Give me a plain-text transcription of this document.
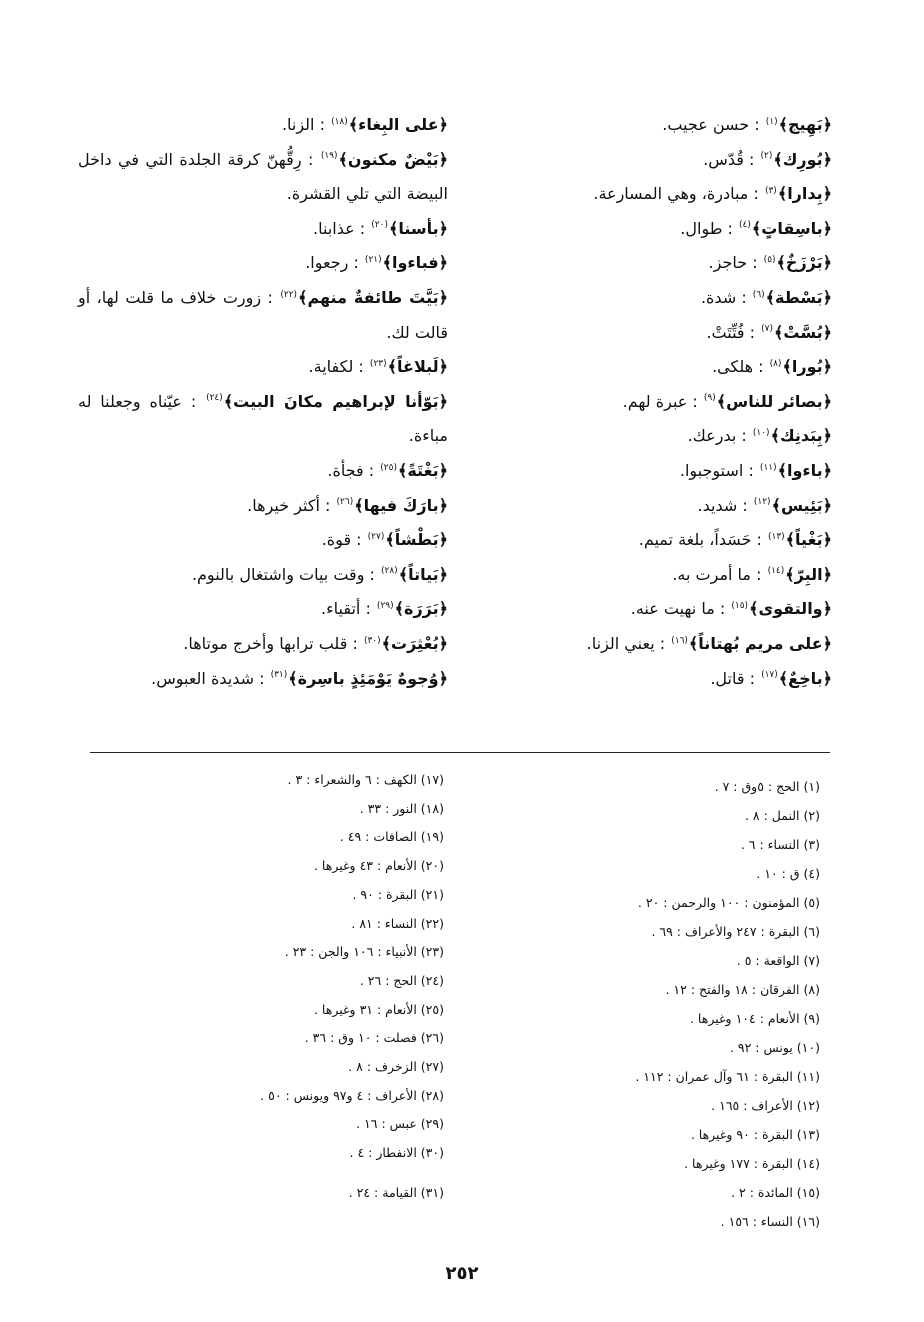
﴿بَهِيج﴾$^{(١)}$ : حسن عجيب.

﴿بُورِك﴾$^{(٢)}$ : قُدّس.

﴿بِدارا﴾$^{(٣)}$ : مبادرة، وهي المسارعة.

﴿باسِقاتٍ﴾$^{(٤)}$ : طوال.

﴿بَرْزَخٌ﴾$^{(٥)}$ : حاجز.

﴿بَسْطة﴾$^{(٦)}$ : شدة.

﴿بُسَّتْ﴾$^{(٧)}$ : فُتِّتَتْ.

﴿بُورا﴾$^{(٨)}$ : هلكى.

﴿بصائر للناس﴾$^{(٩)}$ : عبرة لهم.

﴿بِبَدنِك﴾$^{(١٠)}$ : بدرعك.

﴿باءوا﴾$^{(١١)}$ : استوجبوا.

﴿بَئِيس﴾$^{(١٢)}$ : شديد.

﴿بَغْياً﴾$^{(١٣)}$ : حَسَداً، بلغة تميم.

﴿البِرّ﴾$^{(١٤)}$ : ما أمرت به.

﴿والتقوى﴾$^{(١٥)}$ : ما نهيت عنه.

﴿على مريم بُهتاناً﴾$^{(١٦)}$ : يعني الزنا.

﴿باخِعٌ﴾$^{(١٧)}$ : قاتل.

﴿على البِغاء﴾$^{(١٨)}$ : الزنا.

﴿بَيْضٌ مكنون﴾$^{(١٩)}$ : رِقُّهنّ كرقة الجلدة التي في داخل البيضة التي تلي القشرة.

﴿بأسنا﴾$^{(٢٠)}$ : عذابنا.

﴿فباءوا﴾$^{(٢١)}$ : رجعوا.

﴿بَيَّتَ طائفةٌ منهم﴾$^{(٢٢)}$ : زورت خلاف ما قلت لها، أو قالت لك.

﴿لَبلاغاً﴾$^{(٢٣)}$ : لكفاية.

﴿بَوّأنا لإبراهيم مكانَ البيت﴾$^{(٢٤)}$ : عيّناه وجعلنا له مباءة.

﴿بَغْتَةً﴾$^{(٢٥)}$ : فجأة.

﴿بارَكَ فيها﴾$^{(٢٦)}$ : أكثر خيرها.

﴿بَطْشاً﴾$^{(٢٧)}$ : قوة.

﴿بَياتاً﴾$^{(٢٨)}$ : وقت بيات واشتغال بالنوم.

﴿بَرَرَة﴾$^{(٢٩)}$ : أتقياء.

﴿بُعْثِرَت﴾$^{(٣٠)}$ : قلب ترابها وأخرج موتاها.

﴿وُجوهٌ يَوْمَئِذٍ باسِرة﴾$^{(٣١)}$ : شديدة العبوس.

(١) الحج : ٥وق : ٧ .

(٢) النمل : ٨ .

(٣) النساء : ٦ .

(٤) ق : ١٠ .

(٥) المؤمنون : ١٠٠ والرحمن : ٢٠ .

(٦) البقرة : ٢٤٧ والأعراف : ٦٩ .

(٧) الواقعة : ٥ .

(٨) الفرقان : ١٨ والفتح : ١٢ .

(٩) الأنعام : ١٠٤ وغيرها .

(١٠) يونس : ٩٢ .

(١١) البقرة : ٦١ وآل عمران : ١١٢ .

(١٢) الأعراف : ١٦٥ .

(١٣) البقرة : ٩٠ وغيرها .

(١٤) البقرة : ١٧٧ وغيرها .

(١٥) المائدة : ٢ .

(١٦) النساء : ١٥٦ .

(١٧) الكهف : ٦ والشعراء : ٣ .

(١٨) النور : ٣٣ .

(١٩) الصافات : ٤٩ .

(٢٠) الأنعام : ٤٣ وغيرها .

(٢١) البقرة : ٩٠ .

(٢٢) النساء : ٨١ .

(٢٣) الأنبياء : ١٠٦ والجن : ٢٣ .

(٢٤) الحج : ٢٦ .

(٢٥) الأنعام : ٣١ وغيرها .

(٢٦) فصلت : ١٠ وق : ٣٦ .

(٢٧) الزخرف : ٨ .

(٢٨) الأعراف : ٤ و٩٧ ويونس : ٥٠ .

(٢٩) عبس : ١٦ .

(٣٠) الانفطار : ٤ .

(٣١) القيامة : ٢٤ .

٢٥٢
